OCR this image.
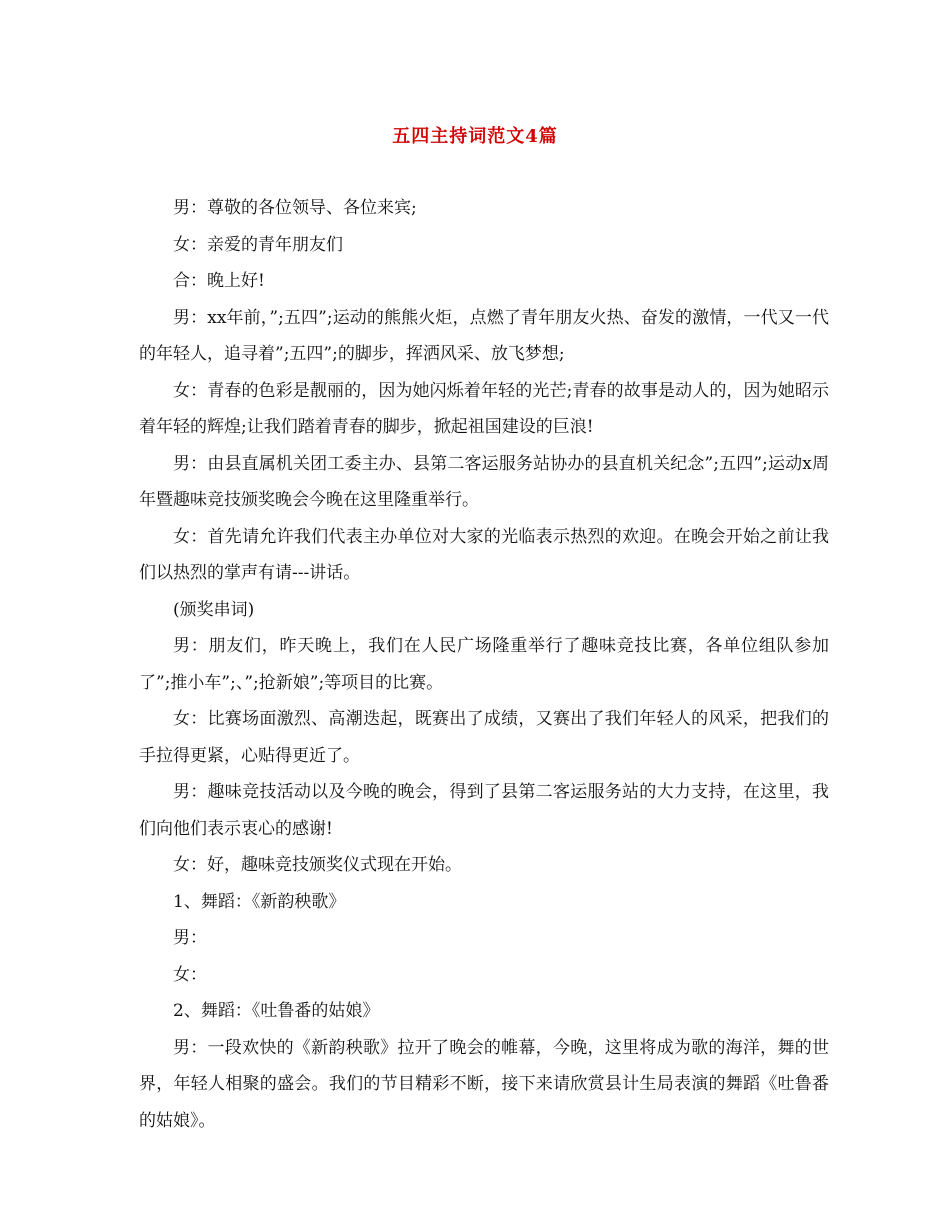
五四主持词范文4篇

男：尊敬的各位领导、各位来宾;

女：亲爱的青年朋友们

合：晚上好!

男：xx年前，”;五四”;运动的熊熊火炬，点燃了青年朋友火热、奋发的激情，一代又一代的年轻人，追寻着”;五四”;的脚步，挥洒风采、放飞梦想;

女：青春的色彩是靓丽的，因为她闪烁着年轻的光芒;青春的故事是动人的，因为她昭示着年轻的辉煌;让我们踏着青春的脚步，掀起祖国建设的巨浪!

男：由县直属机关团工委主办、县第二客运服务站协办的县直机关纪念”;五四”;运动x周年暨趣味竞技颁奖晚会今晚在这里隆重举行。

女：首先请允许我们代表主办单位对大家的光临表示热烈的欢迎。在晚会开始之前让我们以热烈的掌声有请---讲话。

(颁奖串词)

男：朋友们，昨天晚上，我们在人民广场隆重举行了趣味竞技比赛，各单位组队参加了”;推小车”;、”;抢新娘”;等项目的比赛。

女：比赛场面激烈、高潮迭起，既赛出了成绩，又赛出了我们年轻人的风采，把我们的手拉得更紧，心贴得更近了。

男：趣味竞技活动以及今晚的晚会，得到了县第二客运服务站的大力支持，在这里，我们向他们表示衷心的感谢!

女：好，趣味竞技颁奖仪式现在开始。

1、舞蹈：《新韵秧歌》

男：

女：

2、舞蹈：《吐鲁番的姑娘》

男：一段欢快的《新韵秧歌》拉开了晚会的帷幕，今晚，这里将成为歌的海洋，舞的世界，年轻人相聚的盛会。我们的节目精彩不断，接下来请欣赏县计生局表演的舞蹈《吐鲁番的姑娘》。
